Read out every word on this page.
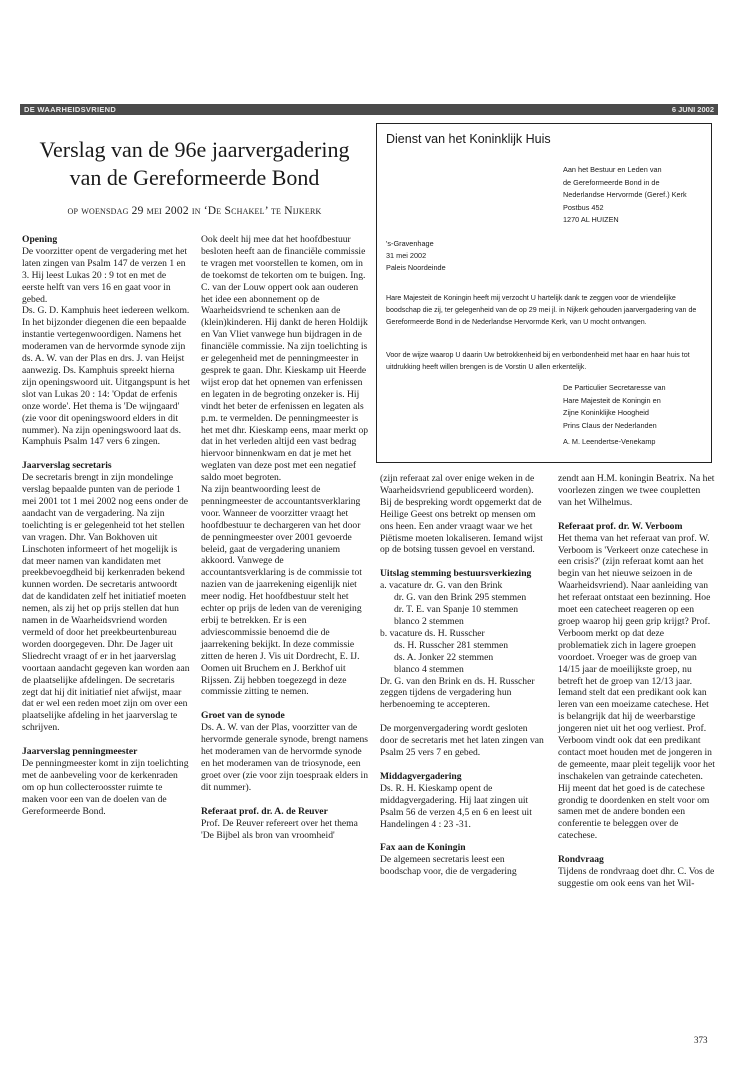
DE WAARHEIDSVRIEND	6 JUNI 2002
Verslag van de 96e jaarvergadering
van de Gereformeerde Bond
op woensdag 29 mei 2002 in ‘De Schakel’ te Nijkerk
Dienst van het Koninklijk Huis
Aan het Bestuur en Leden van
de Gereformeerde Bond in de
Nederlandse Hervormde (Geref.) Kerk
Postbus 452
1270 AL HUIZEN
's-Gravenhage
31 mei 2002
Paleis Noordeinde
Hare Majesteit de Koningin heeft mij verzocht U hartelijk dank te zeggen voor de vriendelijke boodschap die zij, ter gelegenheid van de op 29 mei jl. in Nijkerk gehouden jaarvergadering van de Gereformeerde Bond in de Nederlandse Hervormde Kerk, van U mocht ontvangen.
Voor de wijze waarop U daarin Uw betrokkenheid bij en verbondenheid met haar en haar huis tot uitdrukking heeft willen brengen is de Vorstin U allen erkentelijk.
De Particulier Secretaresse van
Hare Majesteit de Koningin en
Zijne Koninklijke Hoogheid
Prins Claus der Nederlanden
A. M. Leendertse-Venekamp

Opening

De voorzitter opent de vergadering met het laten zingen van Psalm 147 de verzen 1 en 3. Hij leest Lukas 20 : 9 tot en met de eerste helft van vers 16 en gaat voor in gebed.

Ds. G. D. Kamphuis heet iedereen welkom. In het bijzonder diegenen die een bepaalde instantie vertegenwoordigen. Namens het moderamen van de hervormde synode zijn ds. A. W. van der Plas en drs. J. van Heijst aanwezig. Ds. Kamphuis spreekt hierna zijn openingswoord uit. Uitgangspunt is het slot van Lukas 20 : 14: 'Opdat de erfenis onze worde'. Het thema is 'De wijngaard' (zie voor dit openingswoord elders in dit nummer). Na zijn openingswoord laat ds. Kamphuis Psalm 147 vers 6 zingen.

Jaarverslag secretaris

De secretaris brengt in zijn mondelinge verslag bepaalde punten van de periode 1 mei 2001 tot 1 mei 2002 nog eens onder de aandacht van de vergadering. Na zijn toelichting is er gelegenheid tot het stellen van vragen. Dhr. Van Bokhoven uit Linschoten informeert of het mogelijk is dat meer namen van kandidaten met preekbevoegdheid bij kerkenraden bekend kunnen worden. De secretaris antwoordt dat de kandidaten zelf het initiatief moeten nemen, als zij het op prijs stellen dat hun namen in de Waarheidsvriend worden vermeld of door het preekbeurtenbureau worden doorgegeven. Dhr. De Jager uit Sliedrecht vraagt of er in het jaarverslag voortaan aandacht gegeven kan worden aan de plaatselijke afdelingen. De secretaris zegt dat hij dit initiatief niet afwijst, maar dat er wel een reden moet zijn om over een plaatselijke afdeling in het jaarverslag te schrijven.

Jaarverslag penningmeester

De penningmeester komt in zijn toelichting met de aanbeveling voor de kerkenraden om op hun collecteroosster ruimte te maken voor een van de doelen van de Gereformeerde Bond.

Ook deelt hij mee dat het hoofdbestuur besloten heeft aan de financiële commissie te vragen met voorstellen te komen, om in de toekomst de tekorten om te buigen. Ing. C. van der Louw oppert ook aan ouderen het idee een abonnement op de Waarheidsvriend te schenken aan de (klein)kinderen. Hij dankt de heren Holdijk en Van Vliet vanwege hun bijdragen in de financiële commissie. Na zijn toelichting is er gelegenheid met de penningmeester in gesprek te gaan. Dhr. Kieskamp uit Heerde wijst erop dat het opnemen van erfenissen en legaten in de begroting onzeker is. Hij vindt het beter de erfenissen en legaten als p.m. te vermelden. De penningmeester is het met dhr. Kieskamp eens, maar merkt op dat in het verleden altijd een vast bedrag hiervoor binnenkwam en dat je met het weglaten van deze post met een negatief saldo moet begroten.

Na zijn beantwoording leest de penningmeester de accountantsverklaring voor. Wanneer de voorzitter vraagt het hoofdbestuur te dechargeren van het door de penningmeester over 2001 gevoerde beleid, gaat de vergadering unaniem akkoord. Vanwege de accountantsverklaring is de commissie tot nazien van de jaarrekening eigenlijk niet meer nodig. Het hoofdbestuur stelt het echter op prijs de leden van de vereniging erbij te betrekken. Er is een adviescommissie benoemd die de jaarrekening bekijkt. In deze commissie zitten de heren J. Vis uit Dordrecht, E. IJ. Oomen uit Bruchem en J. Berkhof uit Rijssen. Zij hebben toegezegd in deze commissie zitting te nemen.

Groet van de synode

Ds. A. W. van der Plas, voorzitter van de hervormde generale synode, brengt namens het moderamen van de hervormde synode en het moderamen van de triosynode, een groet over (zie voor zijn toespraak elders in dit nummer).

Referaat prof. dr. A. de Reuver

Prof. De Reuver refereert over het thema 'De Bijbel als bron van vroomheid'

(zijn referaat zal over enige weken in de Waarheidsvriend gepubliceerd worden). Bij de bespreking wordt opgemerkt dat de Heilige Geest ons betrekt op mensen om ons heen. Een ander vraagt waar we het Piëtisme moeten lokaliseren. Iemand wijst op de botsing tussen gevoel en verstand.

Uitslag stemming bestuursverkiezing

a. vacature dr. G. van den Brink

dr. G. van den Brink 295 stemmen

dr. T. E. van Spanje 10 stemmen

blanco 2 stemmen

b. vacature ds. H. Russcher

ds. H. Russcher 281 stemmen

ds. A. Jonker 22 stemmen

blanco 4 stemmen

Dr. G. van den Brink en ds. H. Russcher zeggen tijdens de vergadering hun herbenoeming te accepteren.

De morgenvergadering wordt gesloten door de secretaris met het laten zingen van Psalm 25 vers 7 en gebed.

Middagvergadering

Ds. R. H. Kieskamp opent de middagvergadering. Hij laat zingen uit Psalm 56 de verzen 4,5 en 6 en leest uit Handelingen 4 : 23 -31.

Fax aan de Koningin

De algemeen secretaris leest een boodschap voor, die de vergadering

zendt aan H.M. koningin Beatrix. Na het voorlezen zingen we twee coupletten van het Wilhelmus.

Referaat prof. dr. W. Verboom

Het thema van het referaat van prof. W. Verboom is 'Verkeert onze catechese in een crisis?' (zijn referaat komt aan het begin van het nieuwe seizoen in de Waarheidsvriend). Naar aanleiding van het referaat ontstaat een bezinning. Hoe moet een catecheet reageren op een groep waarop hij geen grip krijgt? Prof. Verboom merkt op dat deze problematiek zich in lagere groepen voordoet. Vroeger was de groep van 14/15 jaar de moeilijkste groep, nu betreft het de groep van 12/13 jaar. Iemand stelt dat een predikant ook kan leren van een moeizame catechese. Het is belangrijk dat hij de weerbarstige jongeren niet uit het oog verliest. Prof. Verboom vindt ook dat een predikant contact moet houden met de jongeren in de gemeente, maar pleit tegelijk voor het inschakelen van getrainde catecheten. Hij meent dat het goed is de catechese grondig te doordenken en stelt voor om samen met de andere bonden een conferentie te beleggen over de catechese.

Rondvraag

Tijdens de rondvraag doet dhr. C. Vos de suggestie om ook eens van het Wil-

373
